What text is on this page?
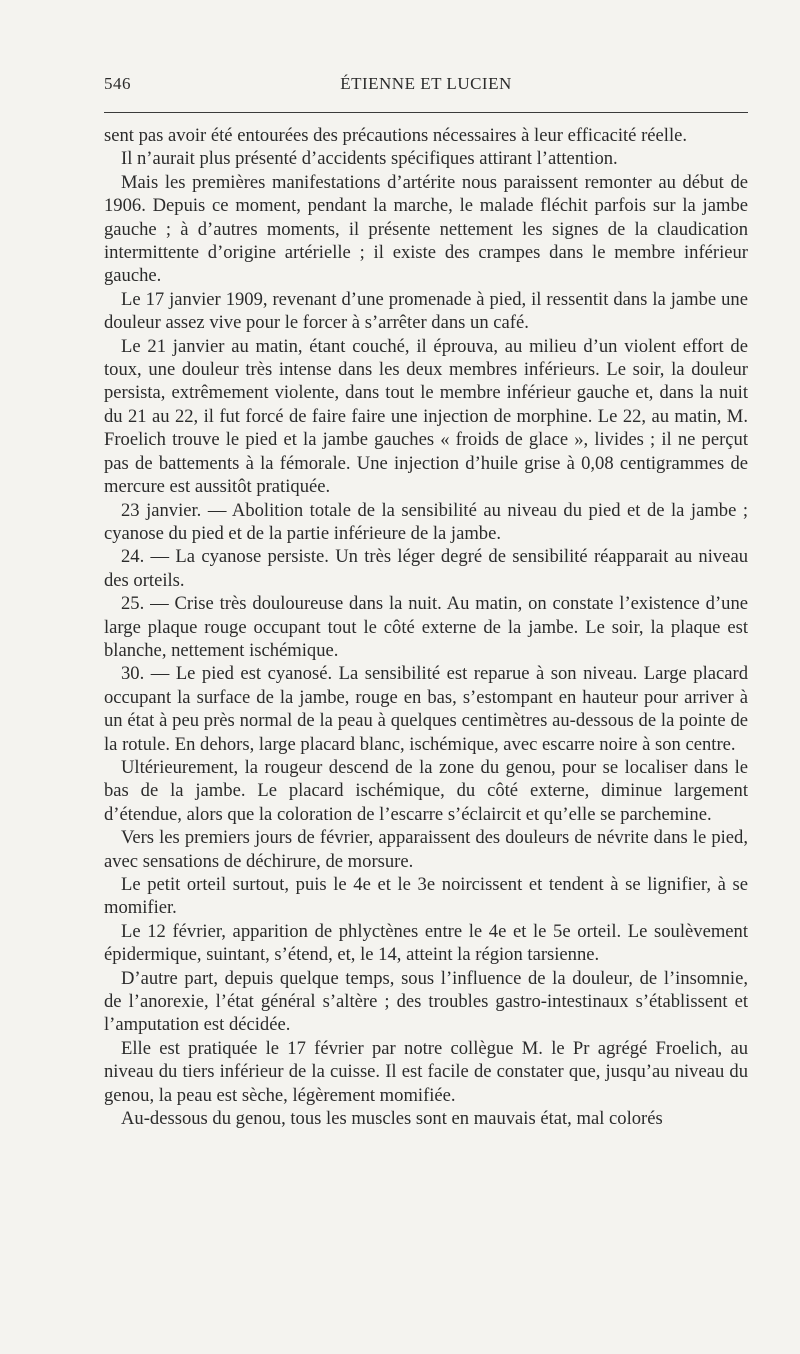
546	ÉTIENNE ET LUCIEN

sent pas avoir été entourées des précautions nécessaires à leur efficacité réelle.

Il n’aurait plus présenté d’accidents spécifiques attirant l’attention.

Mais les premières manifestations d’artérite nous paraissent remonter au début de 1906. Depuis ce moment, pendant la marche, le malade fléchit parfois sur la jambe gauche ; à d’autres moments, il présente nettement les signes de la claudication intermittente d’origine artérielle ; il existe des crampes dans le membre inférieur gauche.

Le 17 janvier 1909, revenant d’une promenade à pied, il ressentit dans la jambe une douleur assez vive pour le forcer à s’arrêter dans un café.

Le 21 janvier au matin, étant couché, il éprouva, au milieu d’un violent effort de toux, une douleur très intense dans les deux membres inférieurs. Le soir, la douleur persista, extrêmement violente, dans tout le membre inférieur gauche et, dans la nuit du 21 au 22, il fut forcé de faire faire une injection de morphine. Le 22, au matin, M. Froelich trouve le pied et la jambe gauches « froids de glace », livides ; il ne perçut pas de battements à la fémorale. Une injection d’huile grise à 0,08 centigrammes de mercure est aussitôt pratiquée.

23 janvier. — Abolition totale de la sensibilité au niveau du pied et de la jambe ; cyanose du pied et de la partie inférieure de la jambe.

24. — La cyanose persiste. Un très léger degré de sensibilité réapparait au niveau des orteils.

25. — Crise très douloureuse dans la nuit. Au matin, on constate l’existence d’une large plaque rouge occupant tout le côté externe de la jambe. Le soir, la plaque est blanche, nettement ischémique.

30. — Le pied est cyanosé. La sensibilité est reparue à son niveau. Large placard occupant la surface de la jambe, rouge en bas, s’estompant en hauteur pour arriver à un état à peu près normal de la peau à quelques centimètres au-dessous de la pointe de la rotule. En dehors, large placard blanc, ischémique, avec escarre noire à son centre.

Ultérieurement, la rougeur descend de la zone du genou, pour se localiser dans le bas de la jambe. Le placard ischémique, du côté externe, diminue largement d’étendue, alors que la coloration de l’escarre s’éclaircit et qu’elle se parchemine.

Vers les premiers jours de février, apparaissent des douleurs de névrite dans le pied, avec sensations de déchirure, de morsure.

Le petit orteil surtout, puis le 4e et le 3e noircissent et tendent à se lignifier, à se momifier.

Le 12 février, apparition de phlyctènes entre le 4e et le 5e orteil. Le soulèvement épidermique, suintant, s’étend, et, le 14, atteint la région tarsienne.

D’autre part, depuis quelque temps, sous l’influence de la douleur, de l’insomnie, de l’anorexie, l’état général s’altère ; des troubles gastro-intestinaux s’établissent et l’amputation est décidée.

Elle est pratiquée le 17 février par notre collègue M. le Pr agrégé Froelich, au niveau du tiers inférieur de la cuisse. Il est facile de constater que, jusqu’au niveau du genou, la peau est sèche, légèrement momifiée.

Au-dessous du genou, tous les muscles sont en mauvais état, mal colorés
